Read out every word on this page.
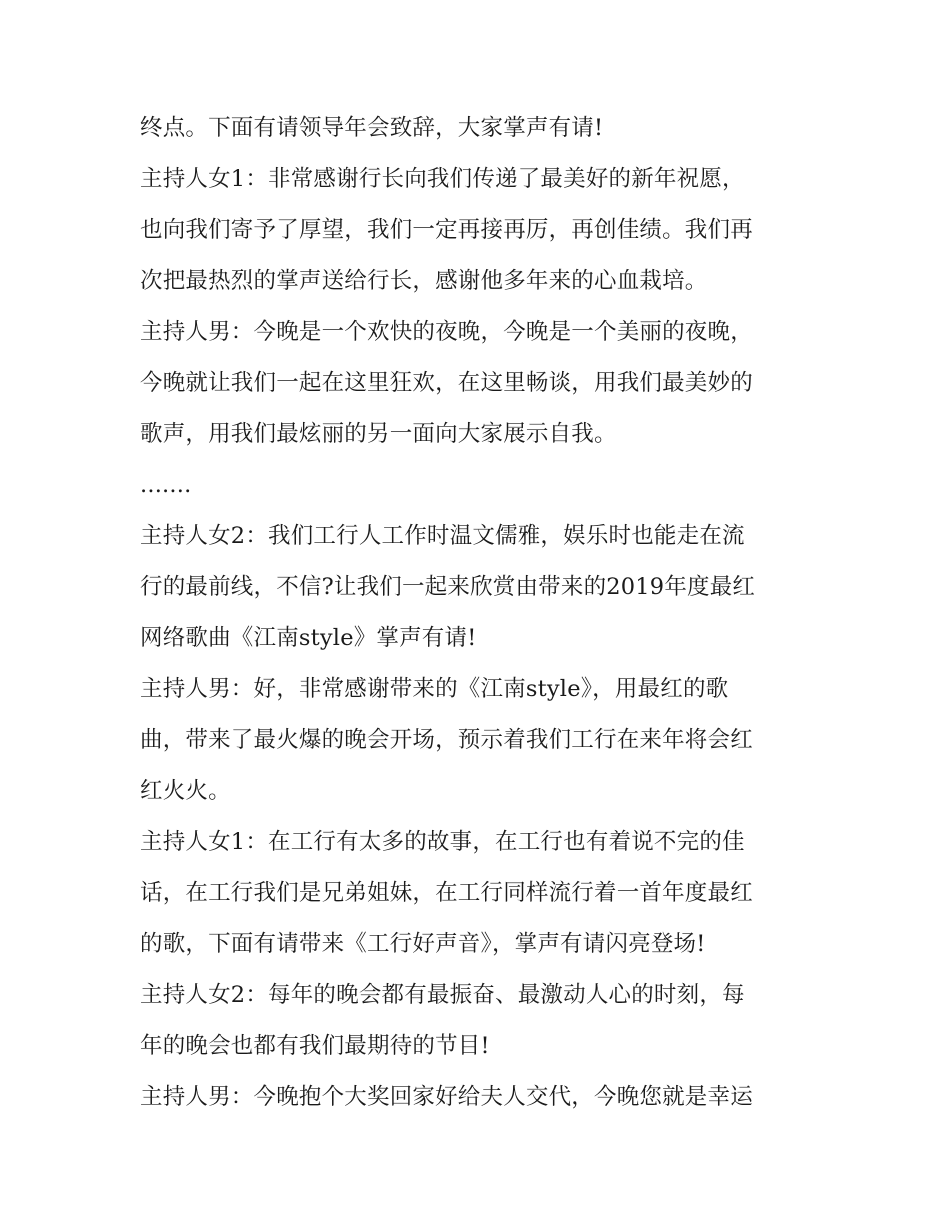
终点。下面有请领导年会致辞，大家掌声有请!
主持人女1：非常感谢行长向我们传递了最美好的新年祝愿，
也向我们寄予了厚望，我们一定再接再厉，再创佳绩。我们再
次把最热烈的掌声送给行长，感谢他多年来的心血栽培。
主持人男：今晚是一个欢快的夜晚，今晚是一个美丽的夜晚，
今晚就让我们一起在这里狂欢，在这里畅谈，用我们最美妙的
歌声，用我们最炫丽的另一面向大家展示自我。
.......
主持人女2：我们工行人工作时温文儒雅，娱乐时也能走在流
行的最前线，不信?让我们一起来欣赏由带来的2019年度最红
网络歌曲《江南style》掌声有请!
主持人男：好，非常感谢带来的《江南style》，用最红的歌
曲，带来了最火爆的晚会开场，预示着我们工行在来年将会红
红火火。
主持人女1：在工行有太多的故事，在工行也有着说不完的佳
话，在工行我们是兄弟姐妹，在工行同样流行着一首年度最红
的歌，下面有请带来《工行好声音》，掌声有请闪亮登场!
主持人女2：每年的晚会都有最振奋、最激动人心的时刻，每
年的晚会也都有我们最期待的节目!
主持人男：今晚抱个大奖回家好给夫人交代，今晚您就是幸运
